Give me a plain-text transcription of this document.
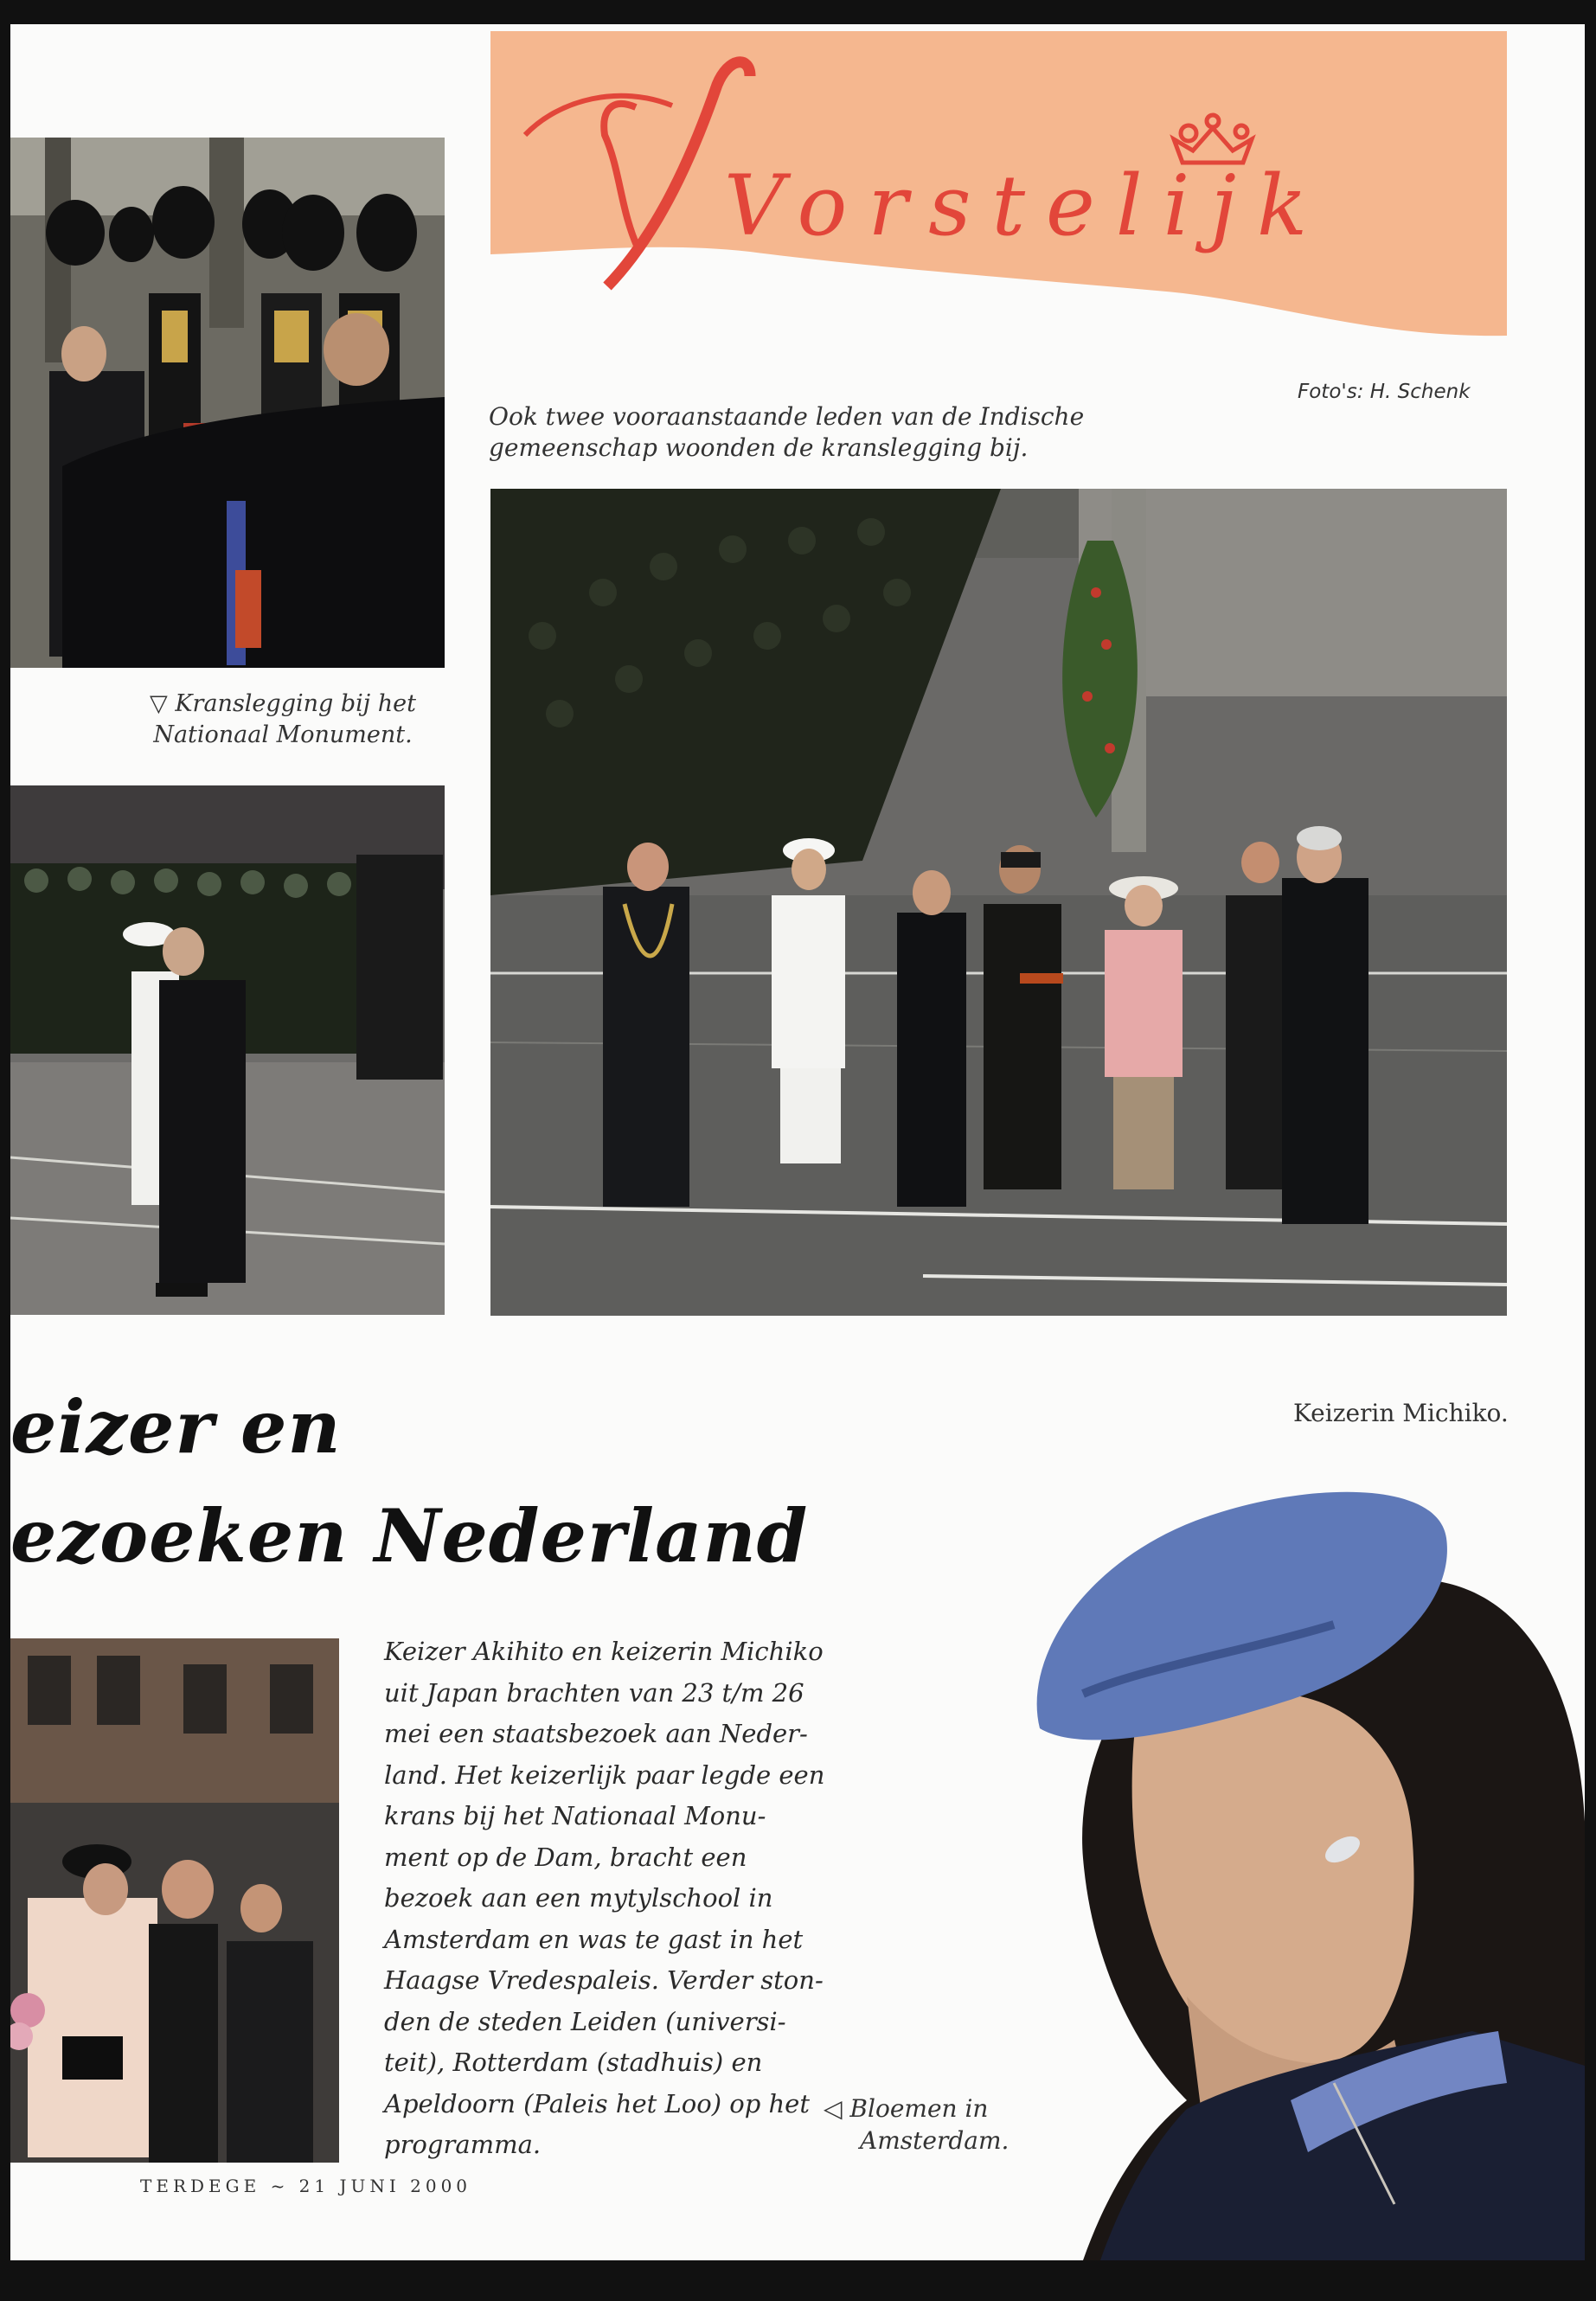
Vorstelijk
▽ Kranslegging bij het
Nationaal Monument.
Ook twee vooraanstaande leden van de Indische
gemeenschap woonden de kranslegging bij.
Foto's: H. Schenk
eizer en
ezoeken Nederland
Keizerin Michiko.
Keizer Akihito en keizerin Michiko
uit Japan brachten van 23 t/m 26
mei een staatsbezoek aan Neder-
land. Het keizerlijk paar legde een
krans bij het Nationaal Monu-
ment op de Dam, bracht een
bezoek aan een mytylschool in
Amsterdam en was te gast in het
Haagse Vredespaleis. Verder ston-
den de steden Leiden (universi-
teit), Rotterdam (stadhuis) en
Apeldoorn (Paleis het Loo) op het
programma.
◁ Bloemen in
Amsterdam.
TERDEGE ~ 21 JUNI 2000
